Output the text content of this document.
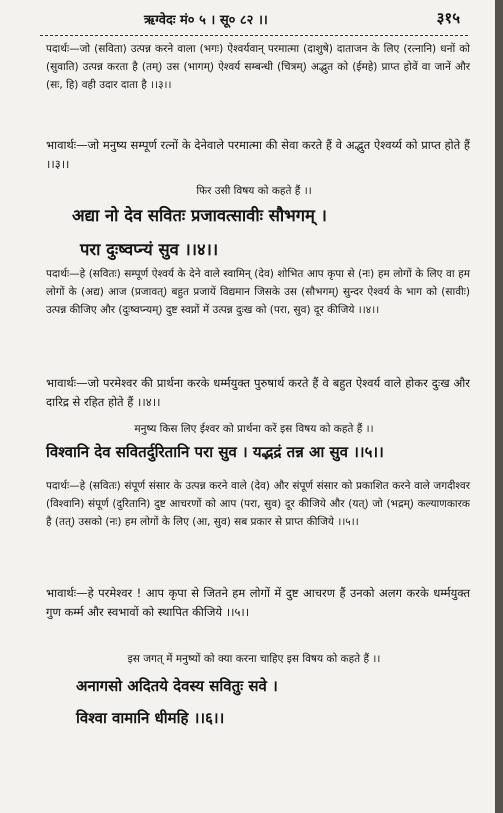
ऋग्वेदः मं० ५ । सू० ८२ ।।	३१५
पदार्थः—जो (सविता) उत्पन्न करने वाला (भगः) ऐश्वर्यवान् परमात्मा (दाशुषे) दाताजन के लिए (रत्नानि) धनों को (सुवाति) उत्पन्न करता है (तम्) उस (भागम्) ऐश्वर्य सम्बन्धी (चित्रम्) अद्भुत को (ईमहे) प्राप्त होवें वा जानें और (सः, हि) वही उदार दाता है ।।३।।
भावार्थः—जो मनुष्य सम्पूर्ण रत्नों के देनेवाले परमात्मा की सेवा करते हैं वे अद्भुत ऐश्वर्य्य को प्राप्त होते हैं ।।३।।
फिर उसी विषय को कहते हैं ।।
अद्या नो देव सवितः प्रजावत्सावीः सौभगम् ।
परा दुःष्वप्न्यं सुव ।।४।।
पदार्थः—हे (सवितः) सम्पूर्ण ऐश्वर्य के देने वाले स्वामिन् (देव) शोभित आप कृपा से (नः) हम लोगों के लिए वा हम लोगों के (अद्य) आज (प्रजावत्) बहुत प्रजायें विद्यमान जिसके उस (सौभगम्) सुन्दर ऐश्वर्य के भाग को (सावीः) उत्पन्न कीजिए और (दुःष्वप्न्यम्) दुष्ट स्वप्नों में उत्पन्न दुःख को (परा, सुव) दूर कीजिये ।।४।।
भावार्थः—जो परमेश्वर की प्रार्थना करके धर्म्मयुक्त पुरुषार्थ करते हैं वे बहुत ऐश्वर्य वाले होकर दुःख और दारिद्र से रहित होते हैं ।।४।।
मनुष्य किस लिए ईश्वर को प्रार्थना करें इस विषय को कहते हैं ।।
विश्वानि देव सवितर्दुरितानि परा सुव । यद्भद्रं तन्न आ सुव ।।५।।
पदार्थः—हे (सवितः) संपूर्ण संसार के उत्पन्न करने वाले (देव) और संपूर्ण संसार को प्रकाशित करने वाले जगदीश्वर (विश्वानि) संपूर्ण (दुरितानि) दुष्ट आचरणों को आप (परा, सुव) दूर कीजिये और (यत्) जो (भद्रम्) कल्याणकारक है (तत्) उसको (नः) हम लोगों के लिए (आ, सुव) सब प्रकार से प्राप्त कीजिये ।।५।।
भावार्थः—हे परमेश्वर ! आप कृपा से जितने हम लोगों में दुष्ट आचरण हैं उनको अलग करके धर्म्मयुक्त गुण कर्म्म और स्वभावों को स्थापित कीजिये ।।५।।
इस जगत् में मनुष्यों को क्या करना चाहिए इस विषय को कहते हैं ।।
अनागसो अदितये देवस्य सवितुः सवे ।
विश्वा वामानि धीमहि ।।६।।
